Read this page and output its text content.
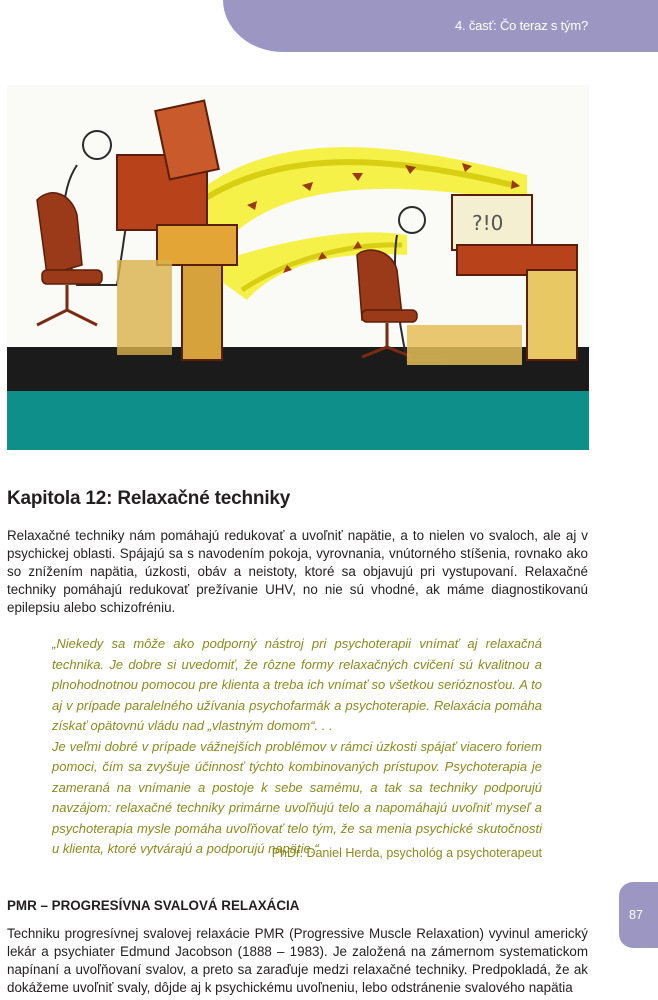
4. časť: Čo teraz s tým?
?!0
Kapitola 12: Relaxačné techniky

Relaxačné techniky nám pomáhajú redukovať a uvoľniť napätie, a to nielen vo svaloch, ale aj v psychickej oblasti. Spájajú sa s navodením pokoja, vyrovnania, vnútorného stíšenia, rovnako ako so znížením napätia, úzkosti, obáv a neistoty, ktoré sa objavujú pri vystupovaní. Relaxačné techniky pomáhajú redukovať prežívanie UHV, no nie sú vhodné, ak máme diagnostikovanú epilepsiu alebo schizofréniu.

„Niekedy sa môže ako podporný nástroj pri psychoterapii vnímať aj relaxačná technika. Je dobre si uvedomiť, že rôzne formy relaxačných cvičení sú kvalitnou a plnohodnotnou pomocou pre klienta a treba ich vnímať so všetkou serióznosťou. A to aj v prípade paralelného užívania psychofarmák a psychoterapie. Relaxácia pomáha získať opätovnú vládu nad „vlastným domom“. . .

Je veľmi dobré v prípade vážnejších problémov v rámci úzkosti spájať viacero foriem pomoci, čím sa zvyšuje účinnosť týchto kombinovaných prístupov. Psychoterapia je zameraná na vnímanie a postoje k sebe samému, a tak sa techniky podporujú navzájom: relaxačné techniky primárne uvoľňujú telo a napomáhajú uvoľniť myseľ a psychoterapia mysle pomáha uvoľňovať telo tým, že sa menia psychické skutočnosti u klienta, ktoré vytvárajú a podporujú napätie.“

PhDr. Daniel Herda, psychológ a psychoterapeut
PMR – PROGRESÍVNA SVALOVÁ RELAXÁCIA

Techniku progresívnej svalovej relaxácie PMR (Progressive Muscle Relaxation) vyvinul americký lekár a psychiater Edmund Jacobson (1888 – 1983). Je založená na zámernom systematickom napínaní a uvoľňovaní svalov, a preto sa zaraďuje medzi relaxačné techniky. Predpokladá, že ak dokážeme uvoľniť svaly, dôjde aj k psychickému uvoľneniu, lebo odstránenie svalového napätia

87
